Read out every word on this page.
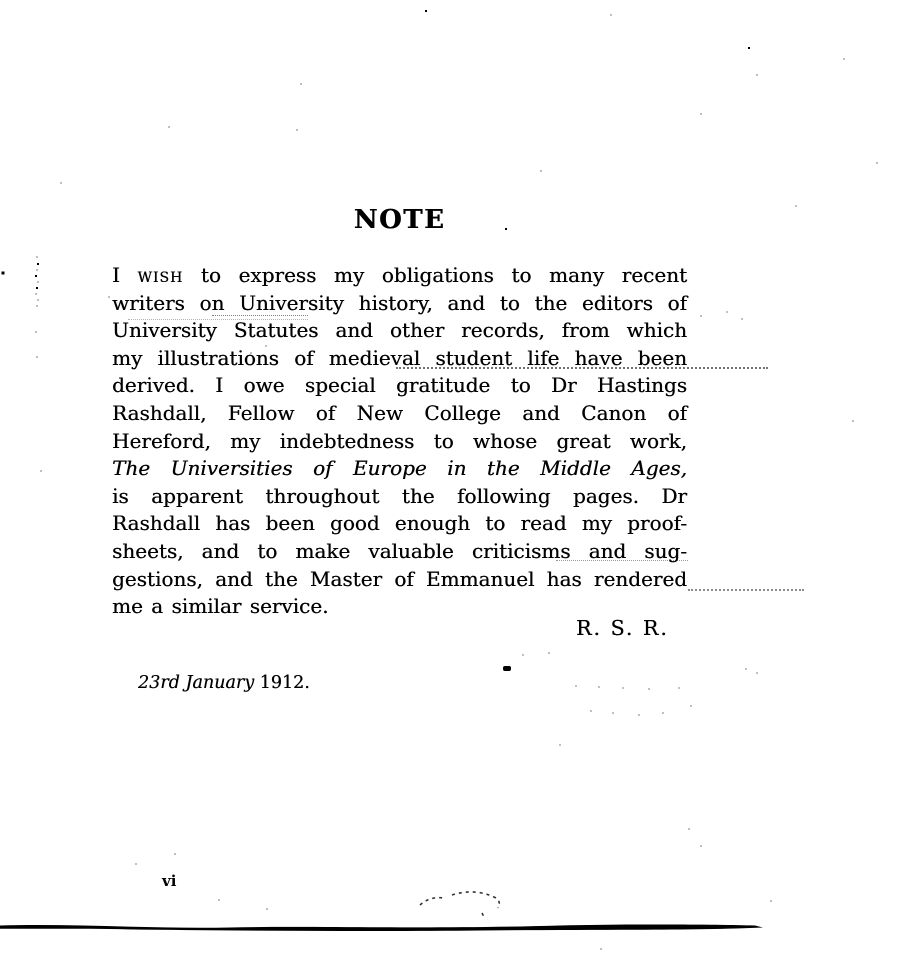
NOTE
I wish to express my obligations to many recent
writers on University history, and to the editors of
University Statutes and other records, from which
my illustrations of medieval student life have been
derived. I owe special gratitude to Dr Hastings
Rashdall, Fellow of New College and Canon of
Hereford, my indebtedness to whose great work,
The Universities of Europe in the Middle Ages,
is apparent throughout the following pages. Dr
Rashdall has been good enough to read my proof-
sheets, and to make valuable criticisms and sug-
gestions, and the Master of Emmanuel has rendered
me a similar service.
R. S. R.
23rd January 1912.
vi
